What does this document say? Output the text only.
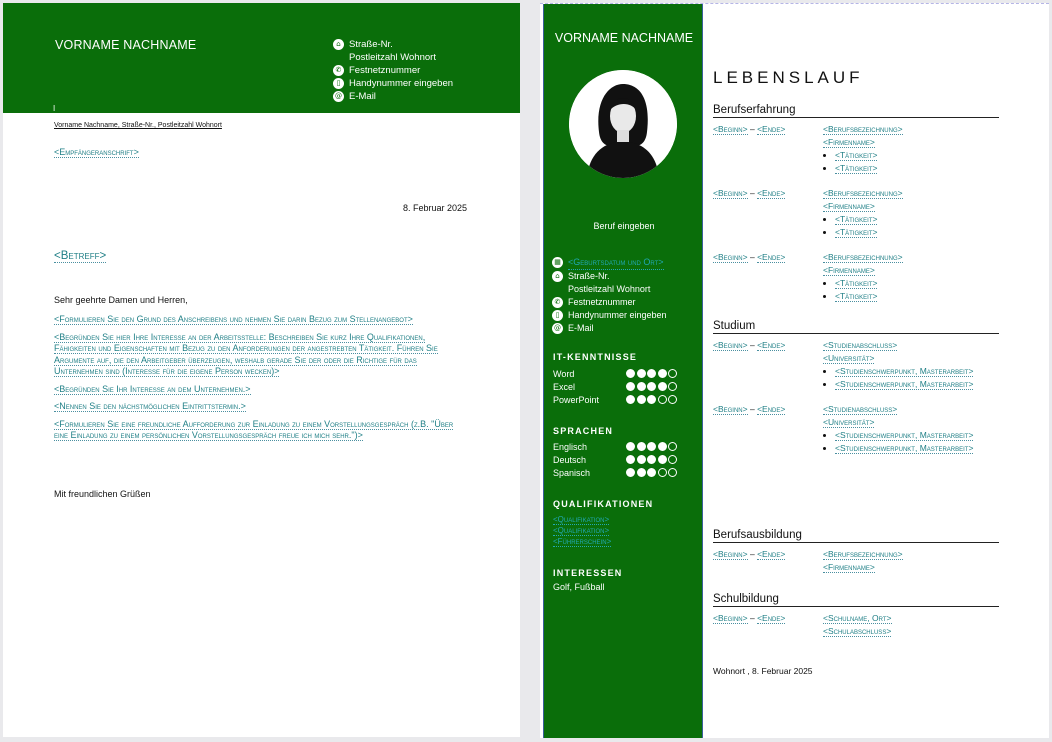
VORNAME NACHNAME	⌂ Straße-Nr.
Postleitzahl Wohnort
✆ Festnetznummer
▯ Handynummer eingeben
@ E-Mail
I
Vorname Nachname, Straße-Nr., Postleitzahl Wohnort
<Empfängeranschrift>
8. Februar 2025
<Betreff>
Sehr geehrte Damen und Herren,
<Formulieren Sie den Grund des Anschreibens und nehmen Sie darin Bezug zum Stellenangebot>
<Begründen Sie hier Ihre Interesse an der Arbeitsstelle: Beschreiben Sie kurz Ihre Qualifikationen, Fähigkeiten und Eigenschaften mit Bezug zu den Anforderungen der angestrebten Tätigkeit. Führen Sie Argumente auf, die den Arbeitgeber überzeugen, weshalb gerade Sie der oder die Richtige für das Unternehmen sind (Interesse für die eigene Person wecken)>
<Begründen Sie Ihr Interesse an dem Unternehmen.>
<Nennen Sie den nächstmöglichen Eintrittstermin.>
<Formulieren Sie eine freundliche Aufforderung zur Einladung zu einem Vorstellungsgespräch (z.B. "Über eine Einladung zu einem persönlichen Vorstellungsgespräch freue ich mich sehr.")>
Mit freundlichen Grüßen
VORNAME NACHNAME
Beruf eingeben
▦ <Geburtsdatum und Ort>
⌂ Straße-Nr.
Postleitzahl Wohnort
✆ Festnetznummer
▯ Handynummer eingeben
@ E-Mail
IT-KENNTNISSE
Word
Excel
PowerPoint
SPRACHEN
Englisch
Deutsch
Spanisch
QUALIFIKATIONEN
<Qualifikation>
<Qualifikation>
<Führerschein>
INTERESSEN
Golf, Fußball
LEBENSLAUF
Berufserfahrung
<Beginn> – <Ende>	<Berufsbezeichnung>
<Firmenname>
• <Tätigkeit>
• <Tätigkeit>
<Beginn> – <Ende>	<Berufsbezeichnung>
<Firmenname>
• <Tätigkeit>
• <Tätigkeit>
<Beginn> – <Ende>	<Berufsbezeichnung>
<Firmenname>
• <Tätigkeit>
• <Tätigkeit>
Studium
<Beginn> – <Ende>	<Studienabschluss>
<Universität>
• <Studienschwerpunkt, Masterarbeit>
• <Studienschwerpunkt, Masterarbeit>
<Beginn> – <Ende>	<Studienabschluss>
<Universität>
• <Studienschwerpunkt, Masterarbeit>
• <Studienschwerpunkt, Masterarbeit>
Berufsausbildung
<Beginn> – <Ende>	<Berufsbezeichnung>
<Firmenname>
Schulbildung
<Beginn> – <Ende>	<Schulname, Ort>
<Schulabschluss>
Wohnort , 8. Februar 2025
